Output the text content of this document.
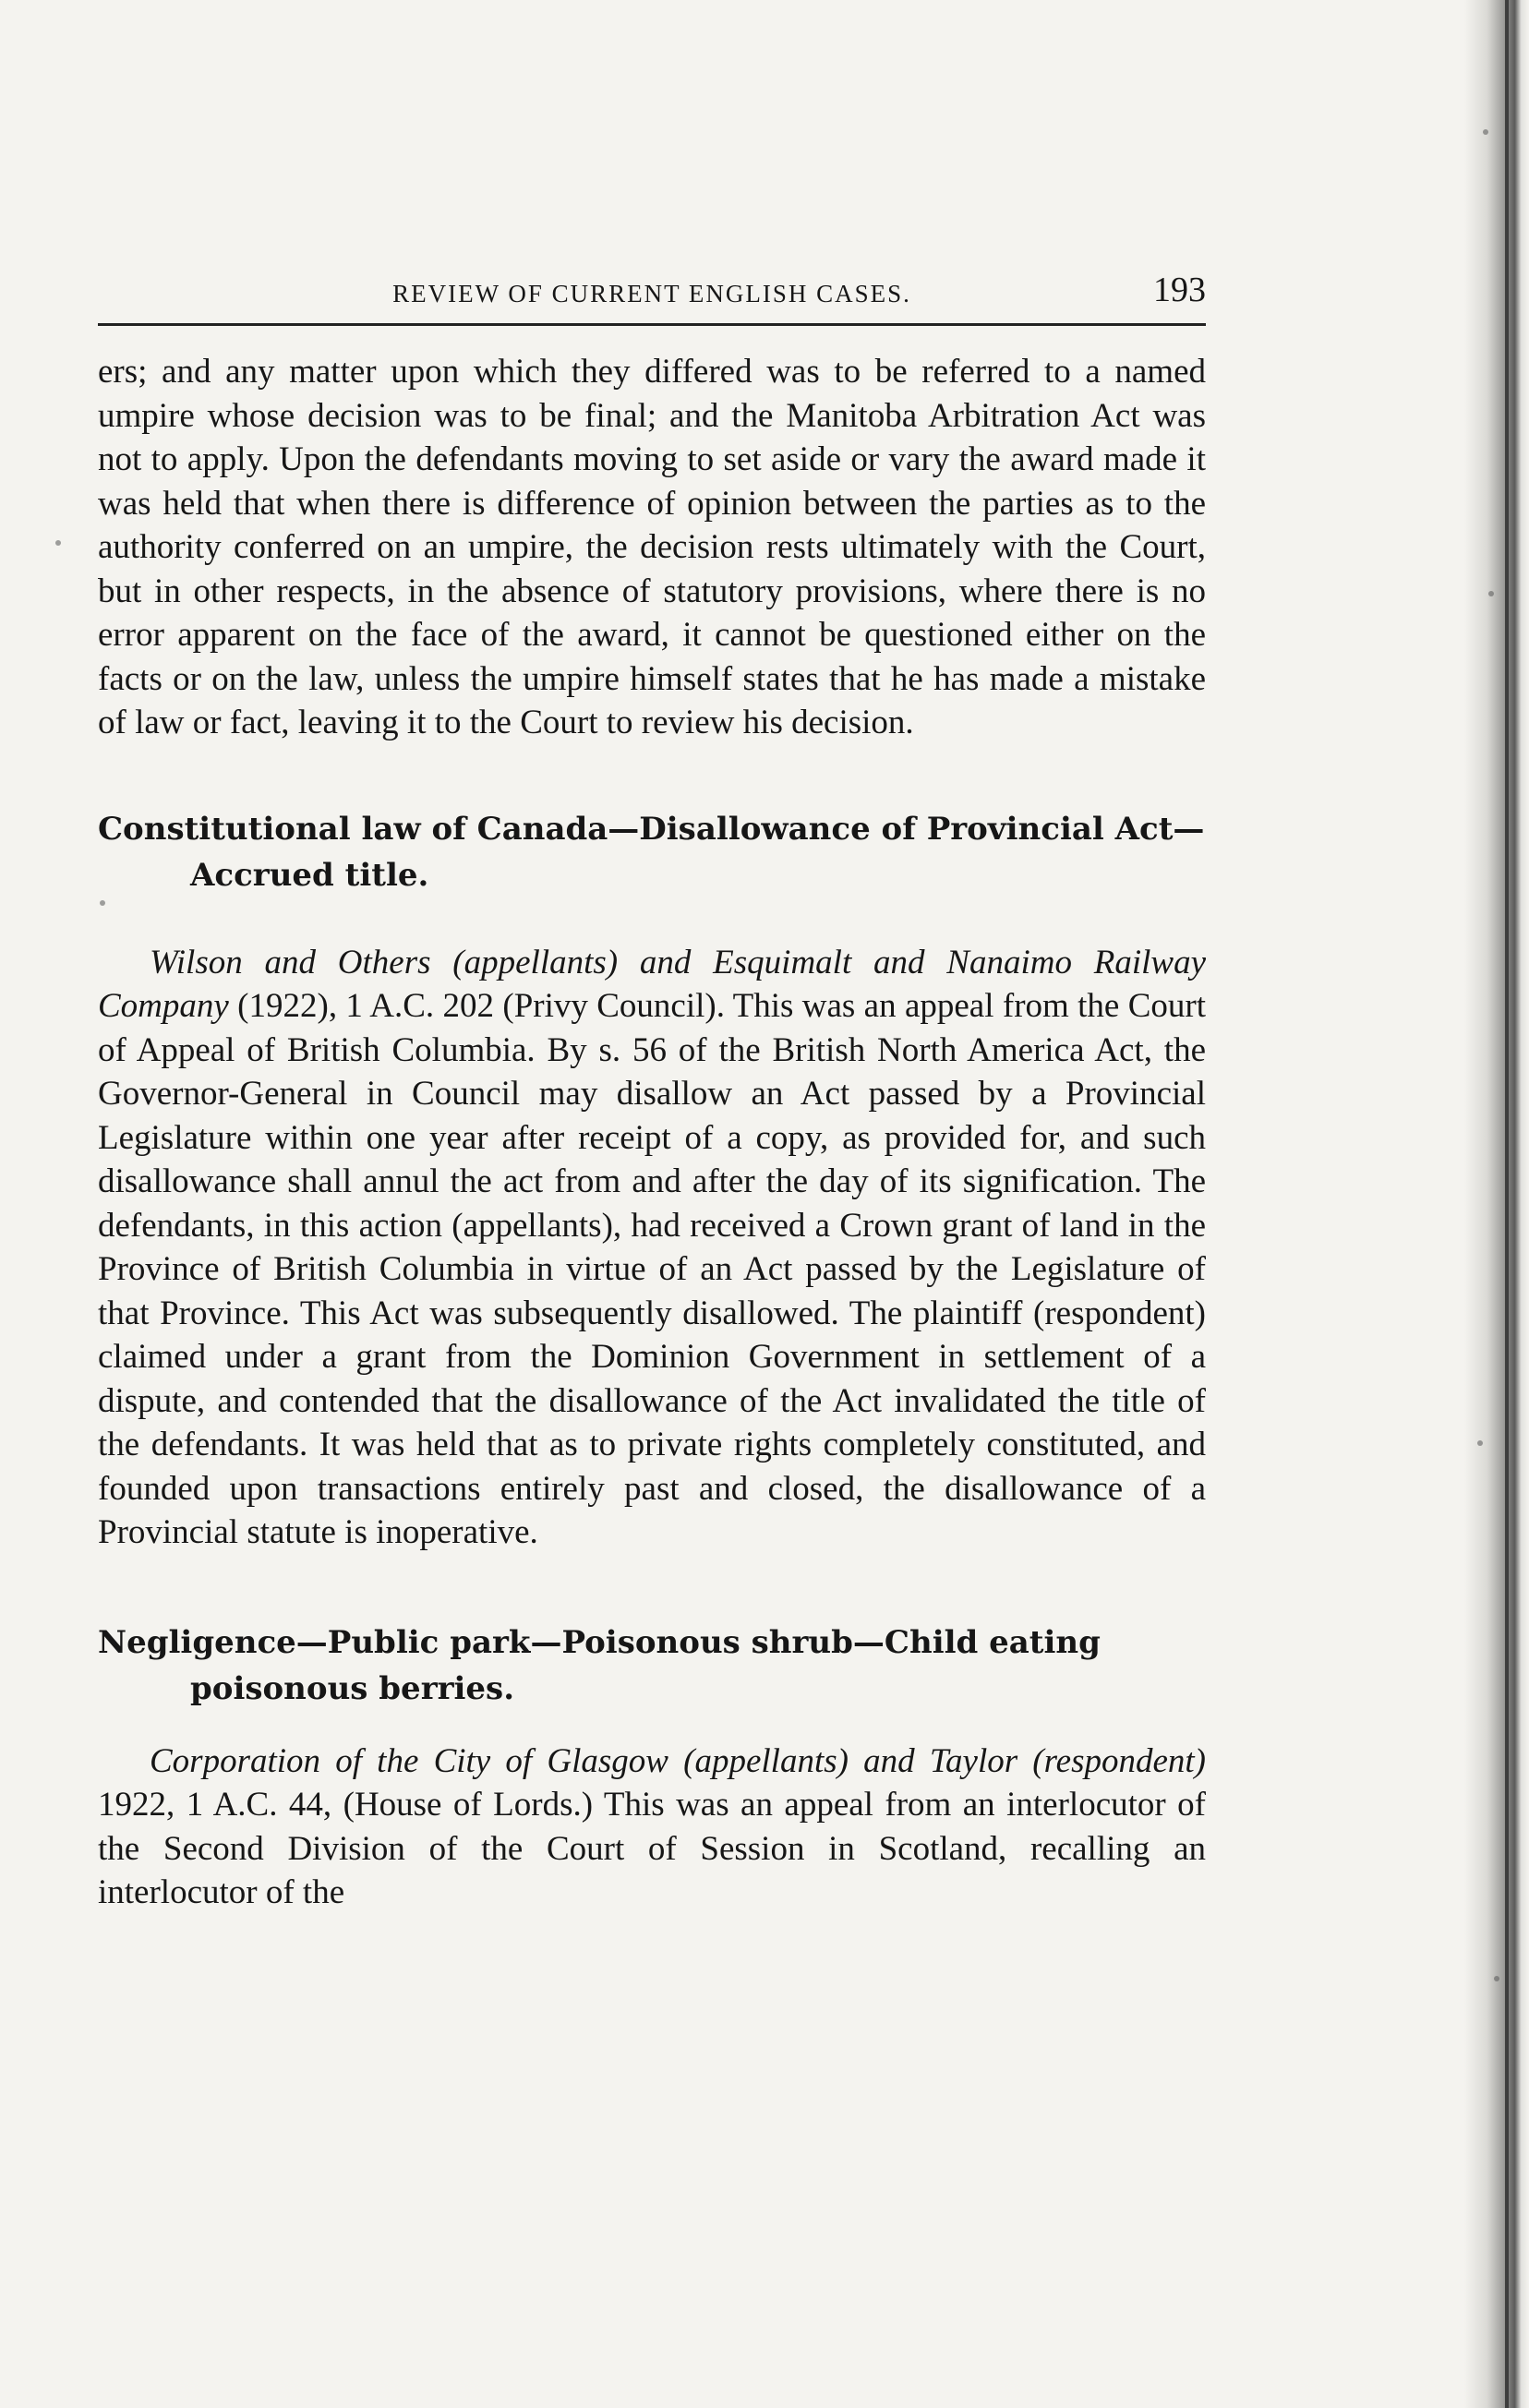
REVIEW OF CURRENT ENGLISH CASES.	193

ers; and any matter upon which they differed was to be referred to a named umpire whose decision was to be final; and the Manitoba Arbitration Act was not to apply. Upon the defendants moving to set aside or vary the award made it was held that when there is difference of opinion between the parties as to the authority conferred on an umpire, the decision rests ultimately with the Court, but in other respects, in the absence of statutory provisions, where there is no error apparent on the face of the award, it cannot be questioned either on the facts or on the law, unless the umpire himself states that he has made a mistake of law or fact, leaving it to the Court to review his decision.

Constitutional law of Canada—Disallowance of Provincial Act—Accrued title.

Wilson and Others (appellants) and Esquimalt and Nanaimo Railway Company (1922), 1 A.C. 202 (Privy Council). This was an appeal from the Court of Appeal of British Columbia. By s. 56 of the British North America Act, the Governor-General in Council may disallow an Act passed by a Provincial Legislature within one year after receipt of a copy, as provided for, and such disallowance shall annul the act from and after the day of its signification. The defendants, in this action (appellants), had received a Crown grant of land in the Province of British Columbia in virtue of an Act passed by the Legislature of that Province. This Act was subsequently disallowed. The plaintiff (respondent) claimed under a grant from the Dominion Government in settlement of a dispute, and contended that the disallowance of the Act invalidated the title of the defendants. It was held that as to private rights completely constituted, and founded upon transactions entirely past and closed, the disallowance of a Provincial statute is inoperative.

Negligence—Public park—Poisonous shrub—Child eating poisonous berries.

Corporation of the City of Glasgow (appellants) and Taylor (respondent) 1922, 1 A.C. 44, (House of Lords.) This was an appeal from an interlocutor of the Second Division of the Court of Session in Scotland, recalling an interlocutor of the
